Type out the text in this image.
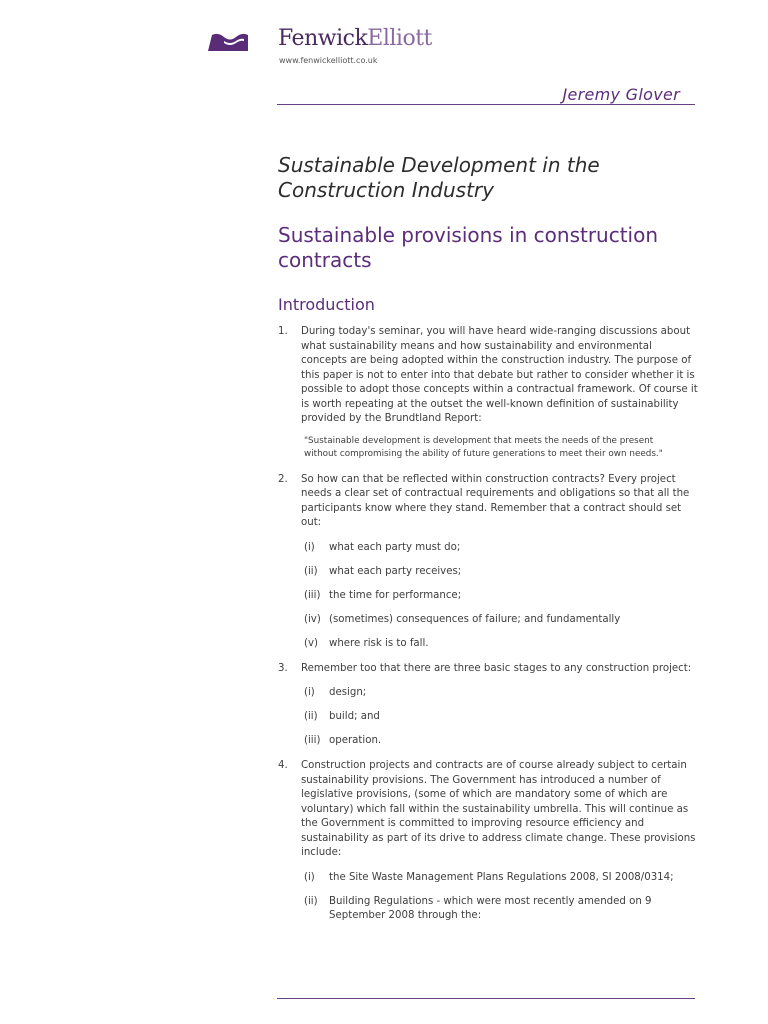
FenwickElliott
www.fenwickelliott.co.uk
Jeremy Glover
Sustainable Development in the
Construction Industry
Sustainable provisions in construction
contracts
Introduction
1. During today's seminar, you will have heard wide-ranging discussions about what sustainability means and how sustainability and environmental concepts are being adopted within the construction industry. The purpose of this paper is not to enter into that debate but rather to consider whether it is possible to adopt those concepts within a contractual framework. Of course it is worth repeating at the outset the well-known definition of sustainability provided by the Brundtland Report:
"Sustainable development is development that meets the needs of the present without compromising the ability of future generations to meet their own needs."
2. So how can that be reflected within construction contracts? Every project needs a clear set of contractual requirements and obligations so that all the participants know where they stand. Remember that a contract should set out:
(i) what each party must do;
(ii) what each party receives;
(iii) the time for performance;
(iv) (sometimes) consequences of failure; and fundamentally
(v) where risk is to fall.
3. Remember too that there are three basic stages to any construction project:
(i) design;
(ii) build; and
(iii) operation.
4. Construction projects and contracts are of course already subject to certain sustainability provisions. The Government has introduced a number of legislative provisions, (some of which are mandatory some of which are voluntary) which fall within the sustainability umbrella. This will continue as the Government is committed to improving resource efficiency and sustainability as part of its drive to address climate change. These provisions include:
(i) the Site Waste Management Plans Regulations 2008, SI 2008/0314;
(ii) Building Regulations - which were most recently amended on 9 September 2008 through the:
